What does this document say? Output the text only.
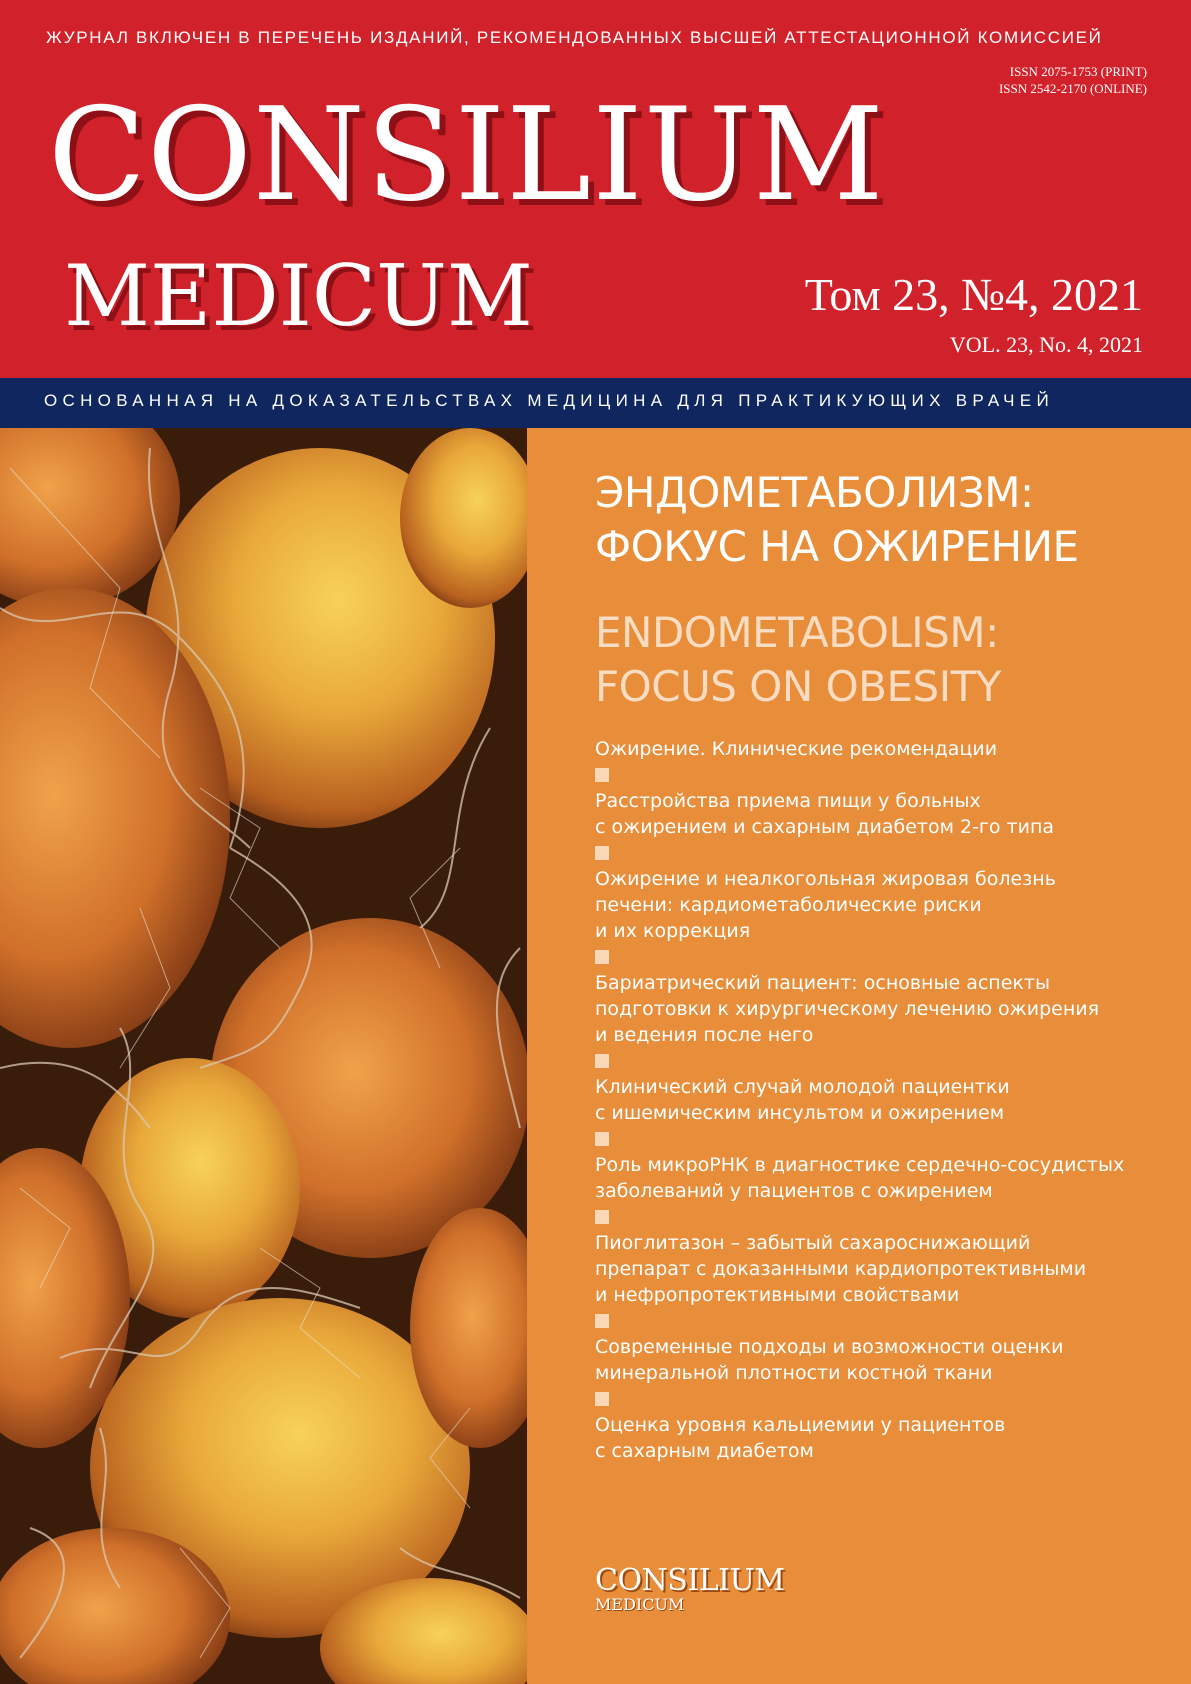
ЖУРНАЛ ВКЛЮЧЕН В ПЕРЕЧЕНЬ ИЗДАНИЙ, РЕКОМЕНДОВАННЫХ ВЫСШЕЙ АТТЕСТАЦИОННОЙ КОМИССИЕЙ
ISSN 2075-1753 (PRINT)
ISSN 2542-2170 (ONLINE)
CONSILIUM
MEDICUM	Том 23, №4, 2021
VOL. 23, No. 4, 2021
ОСНОВАННАЯ НА ДОКАЗАТЕЛЬСТВАХ МЕДИЦИНА ДЛЯ ПРАКТИКУЮЩИХ ВРАЧЕЙ
ЭНДОМЕТАБОЛИЗМ:
ФОКУС НА ОЖИРЕНИЕ
ENDOMETABOLISM:
FOCUS ON OBESITY
Ожирение. Клинические рекомендации
Расстройства приема пищи у больных
с ожирением и сахарным диабетом 2-го типа
Ожирение и неалкогольная жировая болезнь
печени: кардиометаболические риски
и их коррекция
Бариатрический пациент: основные аспекты
подготовки к хирургическому лечению ожирения
и ведения после него
Клинический случай молодой пациентки
с ишемическим инсультом и ожирением
Роль микроРНК в диагностике сердечно-сосудистых
заболеваний у пациентов с ожирением
Пиоглитазон – забытый сахароснижающий
препарат с доказанными кардиопротективными
и нефропротективными свойствами
Современные подходы и возможности оценки
минеральной плотности костной ткани
Оценка уровня кальциемии у пациентов
с сахарным диабетом
CONSILIUM
MEDICUM
